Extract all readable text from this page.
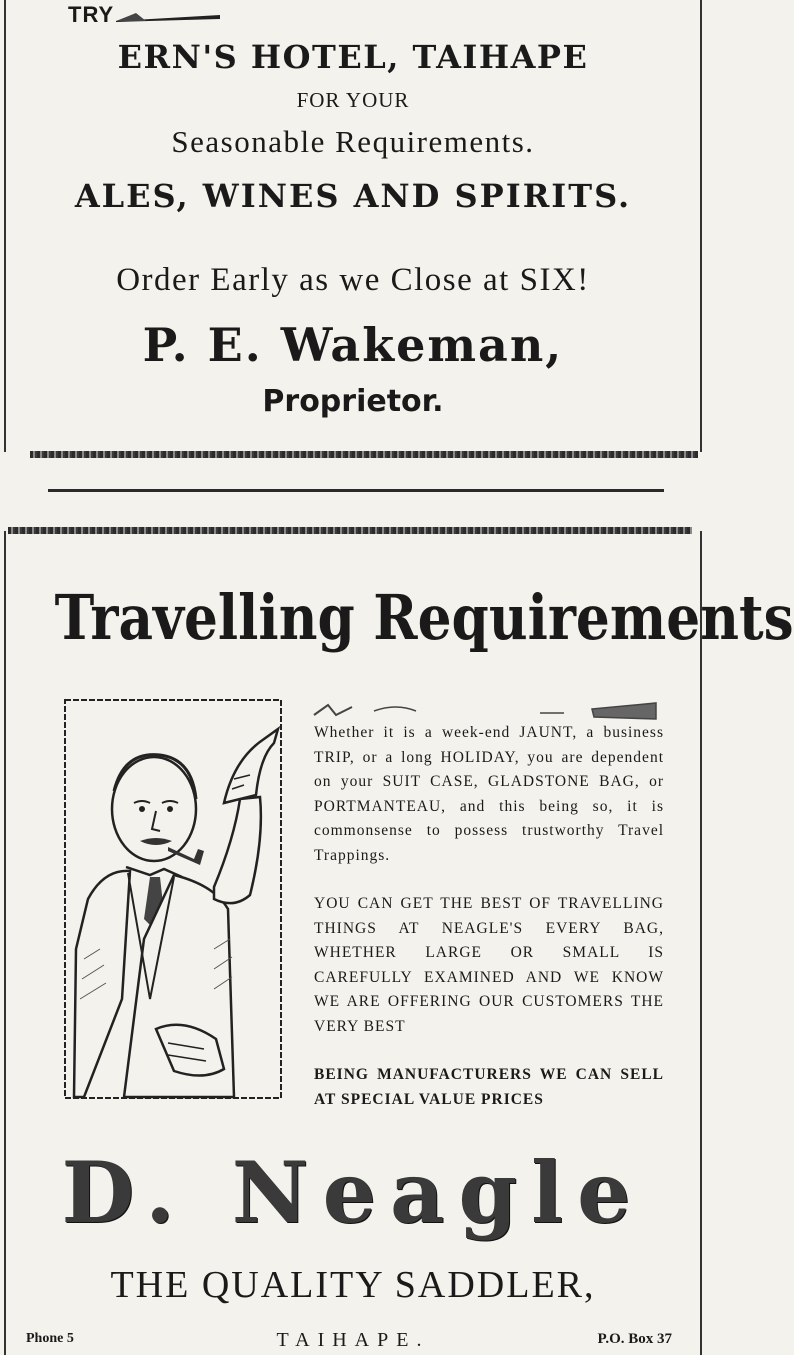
TRY
ERN'S HOTEL, TAIHAPE
FOR YOUR
Seasonable Requirements.
ALES, WINES AND SPIRITS.
Order Early as we Close at SIX!
P. E. Wakeman,
Proprietor.
Travelling Requirements

Whether it is a week-end JAUNT, a business TRIP, or a long HOLIDAY, you are dependent on your SUIT CASE, GLADSTONE BAG, or PORTMANTEAU, and this being so, it is commonsense to possess trustworthy Travel Trappings.

YOU CAN GET THE BEST OF TRAVELLING THINGS AT NEAGLE'S EVERY BAG, WHETHER LARGE OR SMALL IS CAREFULLY EXAMINED AND WE KNOW WE ARE OFFERING OUR CUSTOMERS THE VERY BEST

BEING MANUFACTURERS WE CAN SELL AT SPECIAL VALUE PRICES

D. Neagle
THE QUALITY SADDLER,
Phone 5	TAIHAPE.	P.O. Box 37
